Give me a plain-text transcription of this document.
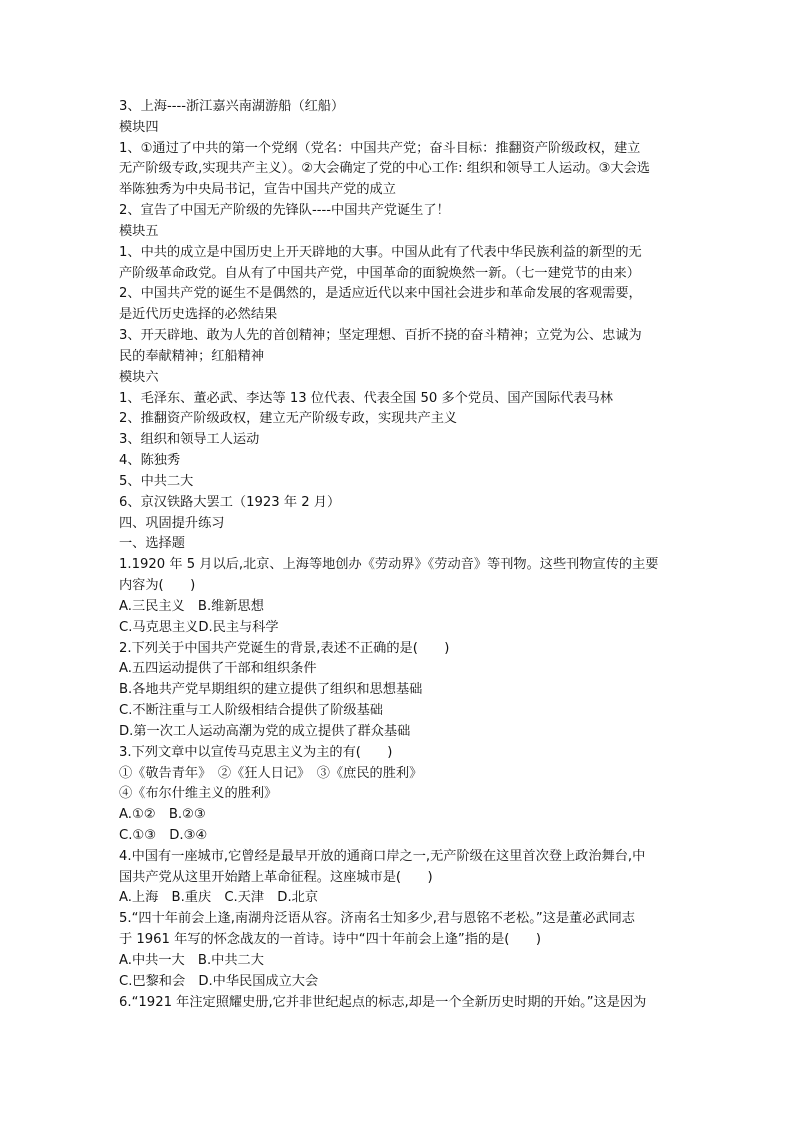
3、上海----浙江嘉兴南湖游船（红船）
模块四
1、①通过了中共的第一个党纲（党名：中国共产党；奋斗目标：推翻资产阶级政权，建立
无产阶级专政,实现共产主义）。②大会确定了党的中心工作: 组织和领导工人运动。③大会选
举陈独秀为中央局书记，宣告中国共产党的成立
2、宣告了中国无产阶级的先锋队----中国共产党诞生了！
模块五
1、中共的成立是中国历史上开天辟地的大事。中国从此有了代表中华民族利益的新型的无
产阶级革命政党。自从有了中国共产党，中国革命的面貌焕然一新。（七一建党节的由来）
2、中国共产党的诞生不是偶然的，是适应近代以来中国社会进步和革命发展的客观需要，
是近代历史选择的必然结果
3、开天辟地、敢为人先的首创精神；坚定理想、百折不挠的奋斗精神；立党为公、忠诚为
民的奉献精神；红船精神
模块六
1、毛泽东、董必武、李达等 13 位代表、代表全国 50 多个党员、国产国际代表马林
2、推翻资产阶级政权，建立无产阶级专政，实现共产主义
3、组织和领导工人运动
4、陈独秀
5、中共二大
6、京汉铁路大罢工（1923 年 2 月）
四、巩固提升练习
一、选择题
1.1920 年 5 月以后,北京、上海等地创办《劳动界》《劳动音》等刊物。这些刊物宣传的主要
内容为(　　)
A.三民主义　B.维新思想
C.马克思主义D.民主与科学
2.下列关于中国共产党诞生的背景,表述不正确的是(　　)
A.五四运动提供了干部和组织条件
B.各地共产党早期组织的建立提供了组织和思想基础
C.不断注重与工人阶级相结合提供了阶级基础
D.第一次工人运动高潮为党的成立提供了群众基础
3.下列文章中以宣传马克思主义为主的有(　　)
①《敬告青年》　②《狂人日记》　③《庶民的胜利》
④《布尔什维主义的胜利》
A.①②　B.②③
C.①③　D.③④
4.中国有一座城市,它曾经是最早开放的通商口岸之一,无产阶级在这里首次登上政治舞台,中
国共产党从这里开始踏上革命征程。这座城市是(　　)
A.上海　B.重庆　C.天津　D.北京
5.“四十年前会上逢,南湖舟泛语从容。济南名士知多少,君与恩铭不老松。”这是董必武同志
于 1961 年写的怀念战友的一首诗。诗中“四十年前会上逢”指的是(　　)
A.中共一大　B.中共二大
C.巴黎和会　D.中华民国成立大会
6.“1921 年注定照耀史册,它并非世纪起点的标志,却是一个全新历史时期的开始。”这是因为
